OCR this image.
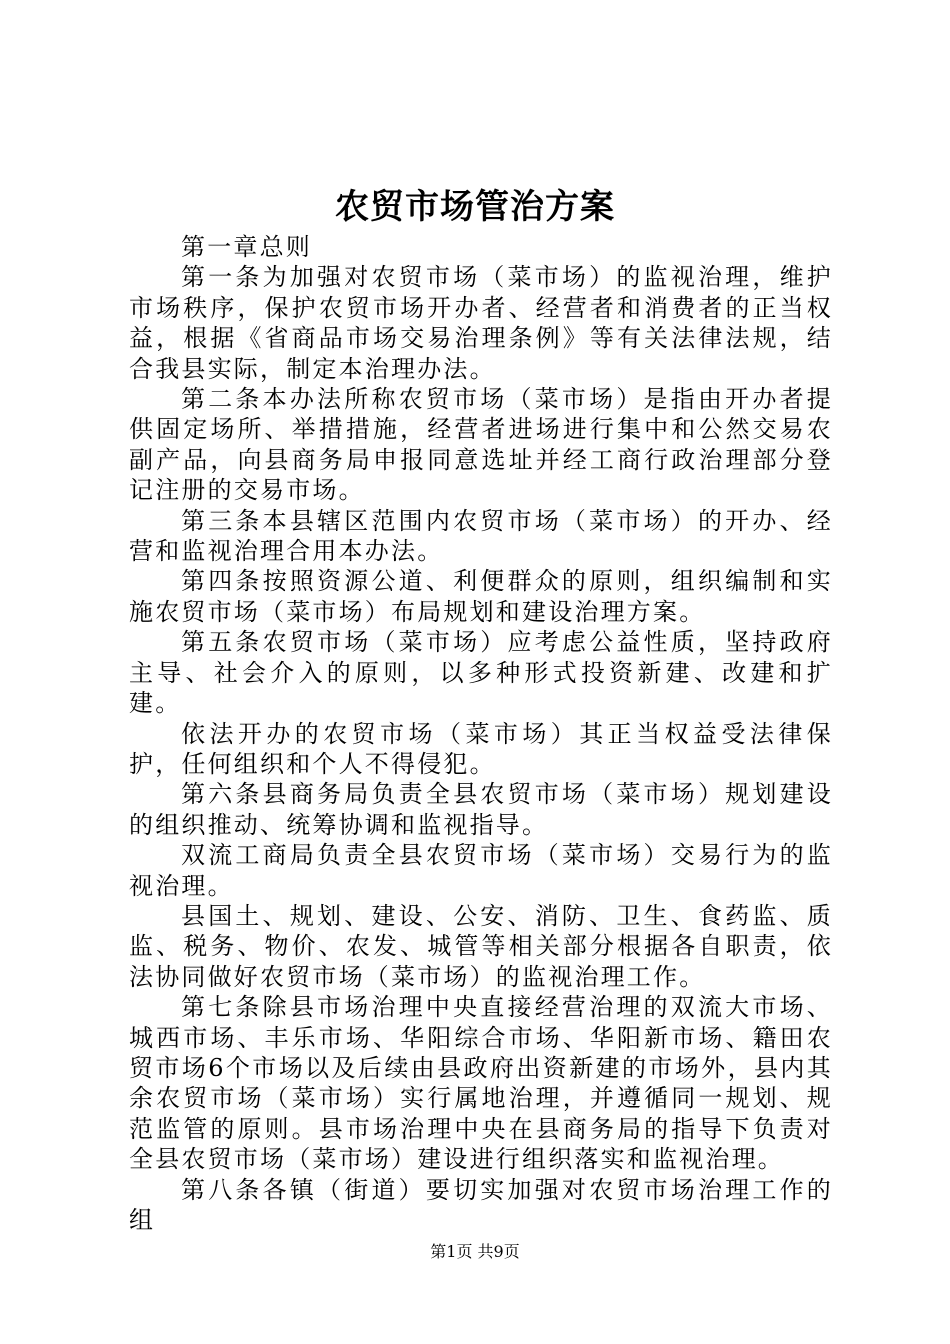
农贸市场管治方案

第一章总则

第一条为加强对农贸市场（菜市场）的监视治理，维护市场秩序，保护农贸市场开办者、经营者和消费者的正当权益，根据《省商品市场交易治理条例》等有关法律法规，结合我县实际，制定本治理办法。

第二条本办法所称农贸市场（菜市场）是指由开办者提供固定场所、举措措施，经营者进场进行集中和公然交易农副产品，向县商务局申报同意选址并经工商行政治理部分登记注册的交易市场。

第三条本县辖区范围内农贸市场（菜市场）的开办、经营和监视治理合用本办法。

第四条按照资源公道、利便群众的原则，组织编制和实施农贸市场（菜市场）布局规划和建设治理方案。

第五条农贸市场（菜市场）应考虑公益性质，坚持政府主导、社会介入的原则，以多种形式投资新建、改建和扩建。

依法开办的农贸市场（菜市场）其正当权益受法律保护，任何组织和个人不得侵犯。

第六条县商务局负责全县农贸市场（菜市场）规划建设的组织推动、统筹协调和监视指导。

双流工商局负责全县农贸市场（菜市场）交易行为的监视治理。

县国土、规划、建设、公安、消防、卫生、食药监、质监、税务、物价、农发、城管等相关部分根据各自职责，依法协同做好农贸市场（菜市场）的监视治理工作。

第七条除县市场治理中央直接经营治理的双流大市场、城西市场、丰乐市场、华阳综合市场、华阳新市场、籍田农贸市场6个市场以及后续由县政府出资新建的市场外，县内其余农贸市场（菜市场）实行属地治理，并遵循同一规划、规范监管的原则。县市场治理中央在县商务局的指导下负责对全县农贸市场（菜市场）建设进行组织落实和监视治理。

第八条各镇（街道）要切实加强对农贸市场治理工作的组

第1页 共9页
